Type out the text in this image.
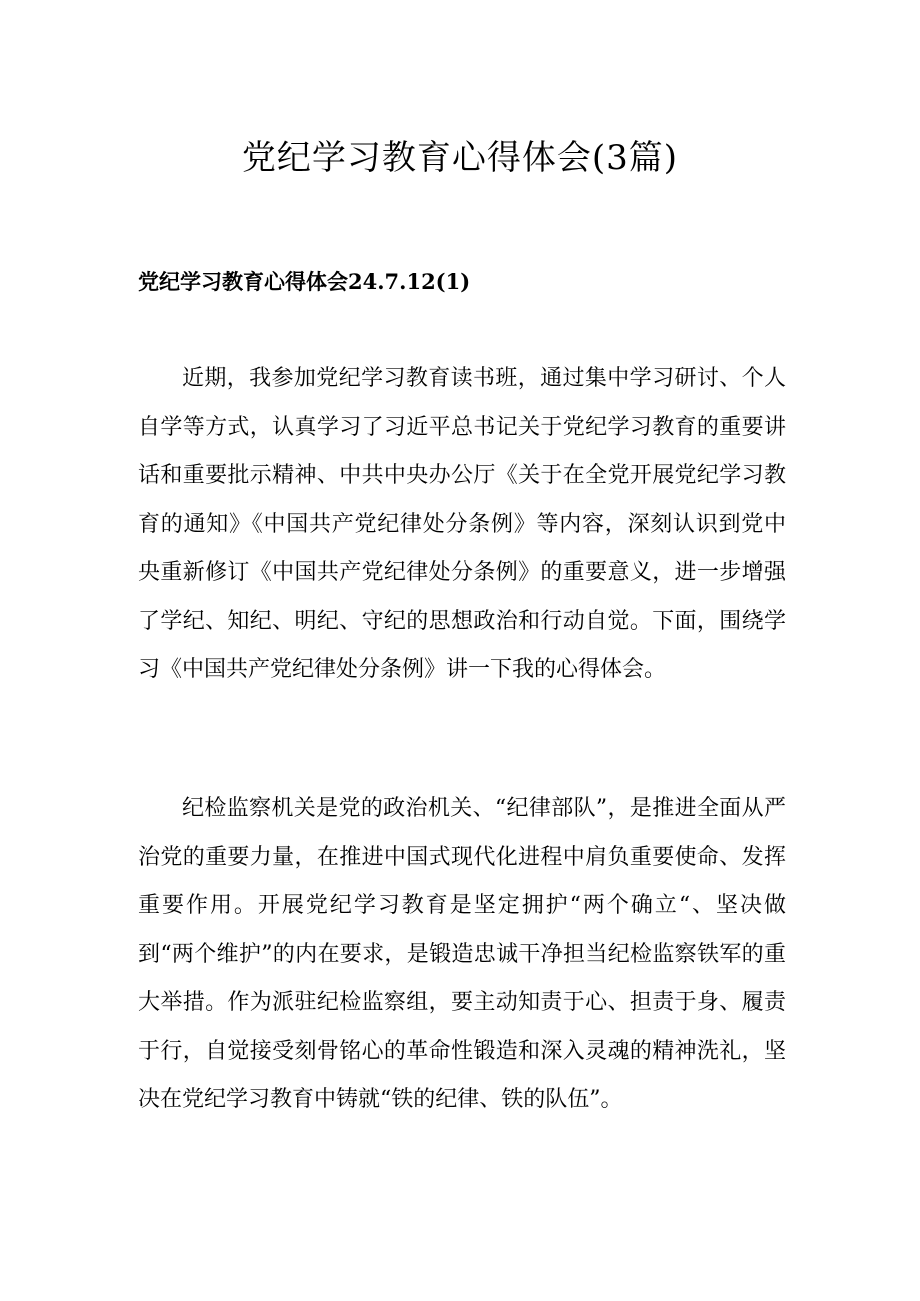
党纪学习教育心得体会(3篇)
党纪学习教育心得体会24.7.12(1)

近期，我参加党纪学习教育读书班，通过集中学习研讨、个人自学等方式，认真学习了习近平总书记关于党纪学习教育的重要讲话和重要批示精神、中共中央办公厅《关于在全党开展党纪学习教育的通知》《中国共产党纪律处分条例》等内容，深刻认识到党中央重新修订《中国共产党纪律处分条例》的重要意义，进一步增强了学纪、知纪、明纪、守纪的思想政治和行动自觉。下面，围绕学习《中国共产党纪律处分条例》讲一下我的心得体会。

纪检监察机关是党的政治机关、“纪律部队”，是推进全面从严治党的重要力量，在推进中国式现代化进程中肩负重要使命、发挥重要作用。开展党纪学习教育是坚定拥护“两个确立“、坚决做到“两个维护”的内在要求，是锻造忠诚干净担当纪检监察铁军的重大举措。作为派驻纪检监察组，要主动知责于心、担责于身、履责于行，自觉接受刻骨铭心的革命性锻造和深入灵魂的精神洗礼，坚决在党纪学习教育中铸就“铁的纪律、铁的队伍”。
